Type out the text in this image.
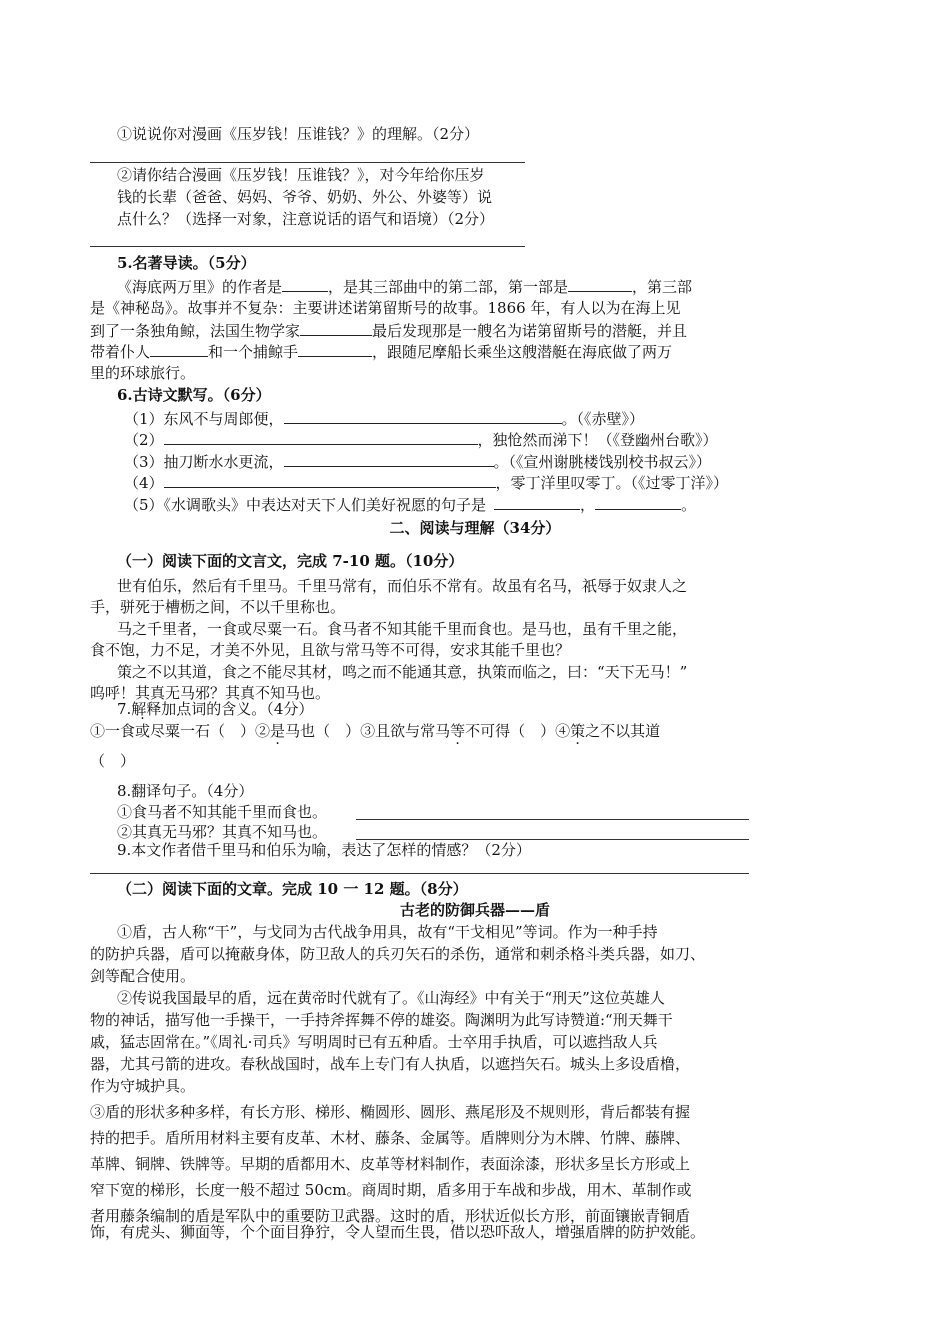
①说说你对漫画《压岁钱！压谁钱？》的理解。（2分）
②请你结合漫画《压岁钱！压谁钱？》，对今年给你压岁
钱的长辈（爸爸、妈妈、爷爷、奶奶、外公、外婆等）说
点什么？（选择一对象，注意说话的语气和语境）（2分）
5.名著导读。（5分）
《海底两万里》的作者是	，是其三部曲中的第二部，第一部是	，第三部
是《神秘岛》。故事并不复杂：主要讲述诺第留斯号的故事。1866 年，有人以为在海上见
到了一条独角鲸，法国生物学家	最后发现那是一艘名为诺第留斯号的潜艇，并且
带着仆人	和一个捕鲸手	，跟随尼摩船长乘坐这艘潜艇在海底做了两万
里的环球旅行。
6.古诗文默写。（6分）
（1）东风不与周郎便，	。（《赤壁》）
（2）	，独怆然而涕下！（《登幽州台歌》）
（3）抽刀断水水更流，	。（《宣州谢朓楼饯别校书叔云》）
（4）	，零丁洋里叹零丁。（《过零丁洋》）
（5）《水调歌头》中表达对天下人们美好祝愿的句子是	，	。
二、阅读与理解（34分）
（一）阅读下面的文言文，完成 7-10 题。（10分）
世有伯乐，然后有千里马。千里马常有，而伯乐不常有。故虽有名马，祇辱于奴隶人之
手，骈死于槽枥之间，不以千里称也。
马之千里者，一食或尽粟一石。食马者不知其能千里而食也。是马也，虽有千里之能，
食不饱，力不足，才美不外见，且欲与常马等不可得，安求其能千里也？
策之不以其道，食之不能尽其材，鸣之而不能通其意，执策而临之，曰：“天下无马！”
呜呼！其真无马邪？其真不知马也。
7.解释加点词的含义。（4分）
①一食或尽粟一石（　）②是马也（　）③且欲与常马等不可得（　）④策之不以其道
（　）
8.翻译句子。（4分）
①食马者不知其能千里而食也。
②其真无马邪？其真不知马也。
9.本文作者借千里马和伯乐为喻，表达了怎样的情感？（2分）
（二）阅读下面的文章。完成 10 一 12 题。（8分）
古老的防御兵器——盾
①盾，古人称“干”，与戈同为古代战争用具，故有“干戈相见”等词。作为一种手持
的防护兵器，盾可以掩蔽身体，防卫敌人的兵刃矢石的杀伤，通常和刺杀格斗类兵器，如刀、
剑等配合使用。
②传说我国最早的盾，远在黄帝时代就有了。《山海经》中有关于“刑天”这位英雄人
物的神话，描写他一手操干，一手持斧挥舞不停的雄姿。陶渊明为此写诗赞道:“刑天舞干
戚，猛志固常在。”《周礼·司兵》写明周时已有五种盾。士卒用手执盾，可以遮挡敌人兵
器，尤其弓箭的进攻。春秋战国时，战车上专门有人执盾，以遮挡矢石。城头上多设盾橹，
作为守城护具。
③盾的形状多种多样，有长方形、梯形、椭圆形、圆形、燕尾形及不规则形，背后都装有握
持的把手。盾所用材料主要有皮革、木材、藤条、金属等。盾牌则分为木牌、竹牌、藤牌、
革牌、铜牌、铁牌等。早期的盾都用木、皮革等材料制作，表面涂漆，形状多呈长方形或上
窄下宽的梯形，长度一般不超过 50cm。商周时期，盾多用于车战和步战，用木、革制作或
者用藤条编制的盾是军队中的重要防卫武器。这时的盾，形状近似长方形，前面镶嵌青铜盾
饰，有虎头、狮面等，个个面目狰狞，令人望而生畏，借以恐吓敌人，增强盾牌的防护效能。
